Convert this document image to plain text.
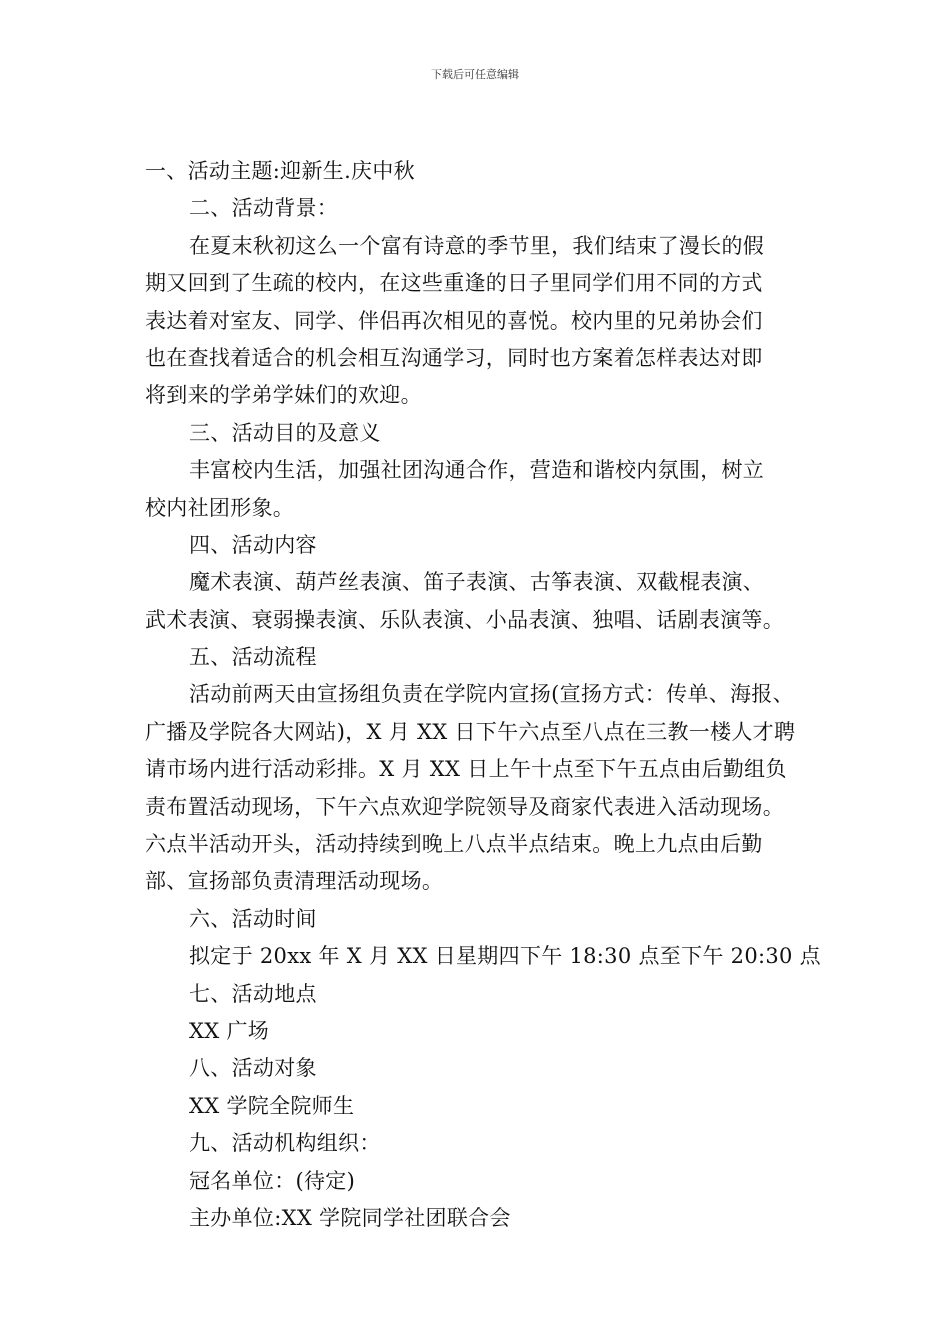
下载后可任意编辑
一、活动主题:迎新生.庆中秋
二、活动背景：
在夏末秋初这么一个富有诗意的季节里，我们结束了漫长的假
期又回到了生疏的校内，在这些重逢的日子里同学们用不同的方式
表达着对室友、同学、伴侣再次相见的喜悦。校内里的兄弟协会们
也在查找着适合的机会相互沟通学习，同时也方案着怎样表达对即
将到来的学弟学妹们的欢迎。
三、活动目的及意义
丰富校内生活，加强社团沟通合作，营造和谐校内氛围，树立
校内社团形象。
四、活动内容
魔术表演、葫芦丝表演、笛子表演、古筝表演、双截棍表演、
武术表演、衰弱操表演、乐队表演、小品表演、独唱、话剧表演等。
五、活动流程
活动前两天由宣扬组负责在学院内宣扬(宣扬方式：传单、海报、
广播及学院各大网站)，X 月 XX 日下午六点至八点在三教一楼人才聘
请市场内进行活动彩排。X 月 XX 日上午十点至下午五点由后勤组负
责布置活动现场，下午六点欢迎学院领导及商家代表进入活动现场。
六点半活动开头，活动持续到晚上八点半点结束。晚上九点由后勤
部、宣扬部负责清理活动现场。
六、活动时间
拟定于 20xx 年 X 月 XX 日星期四下午 18:30 点至下午 20:30 点
七、活动地点
XX 广场
八、活动对象
XX 学院全院师生
九、活动机构组织：
冠名单位：(待定)
主办单位:XX 学院同学社团联合会
